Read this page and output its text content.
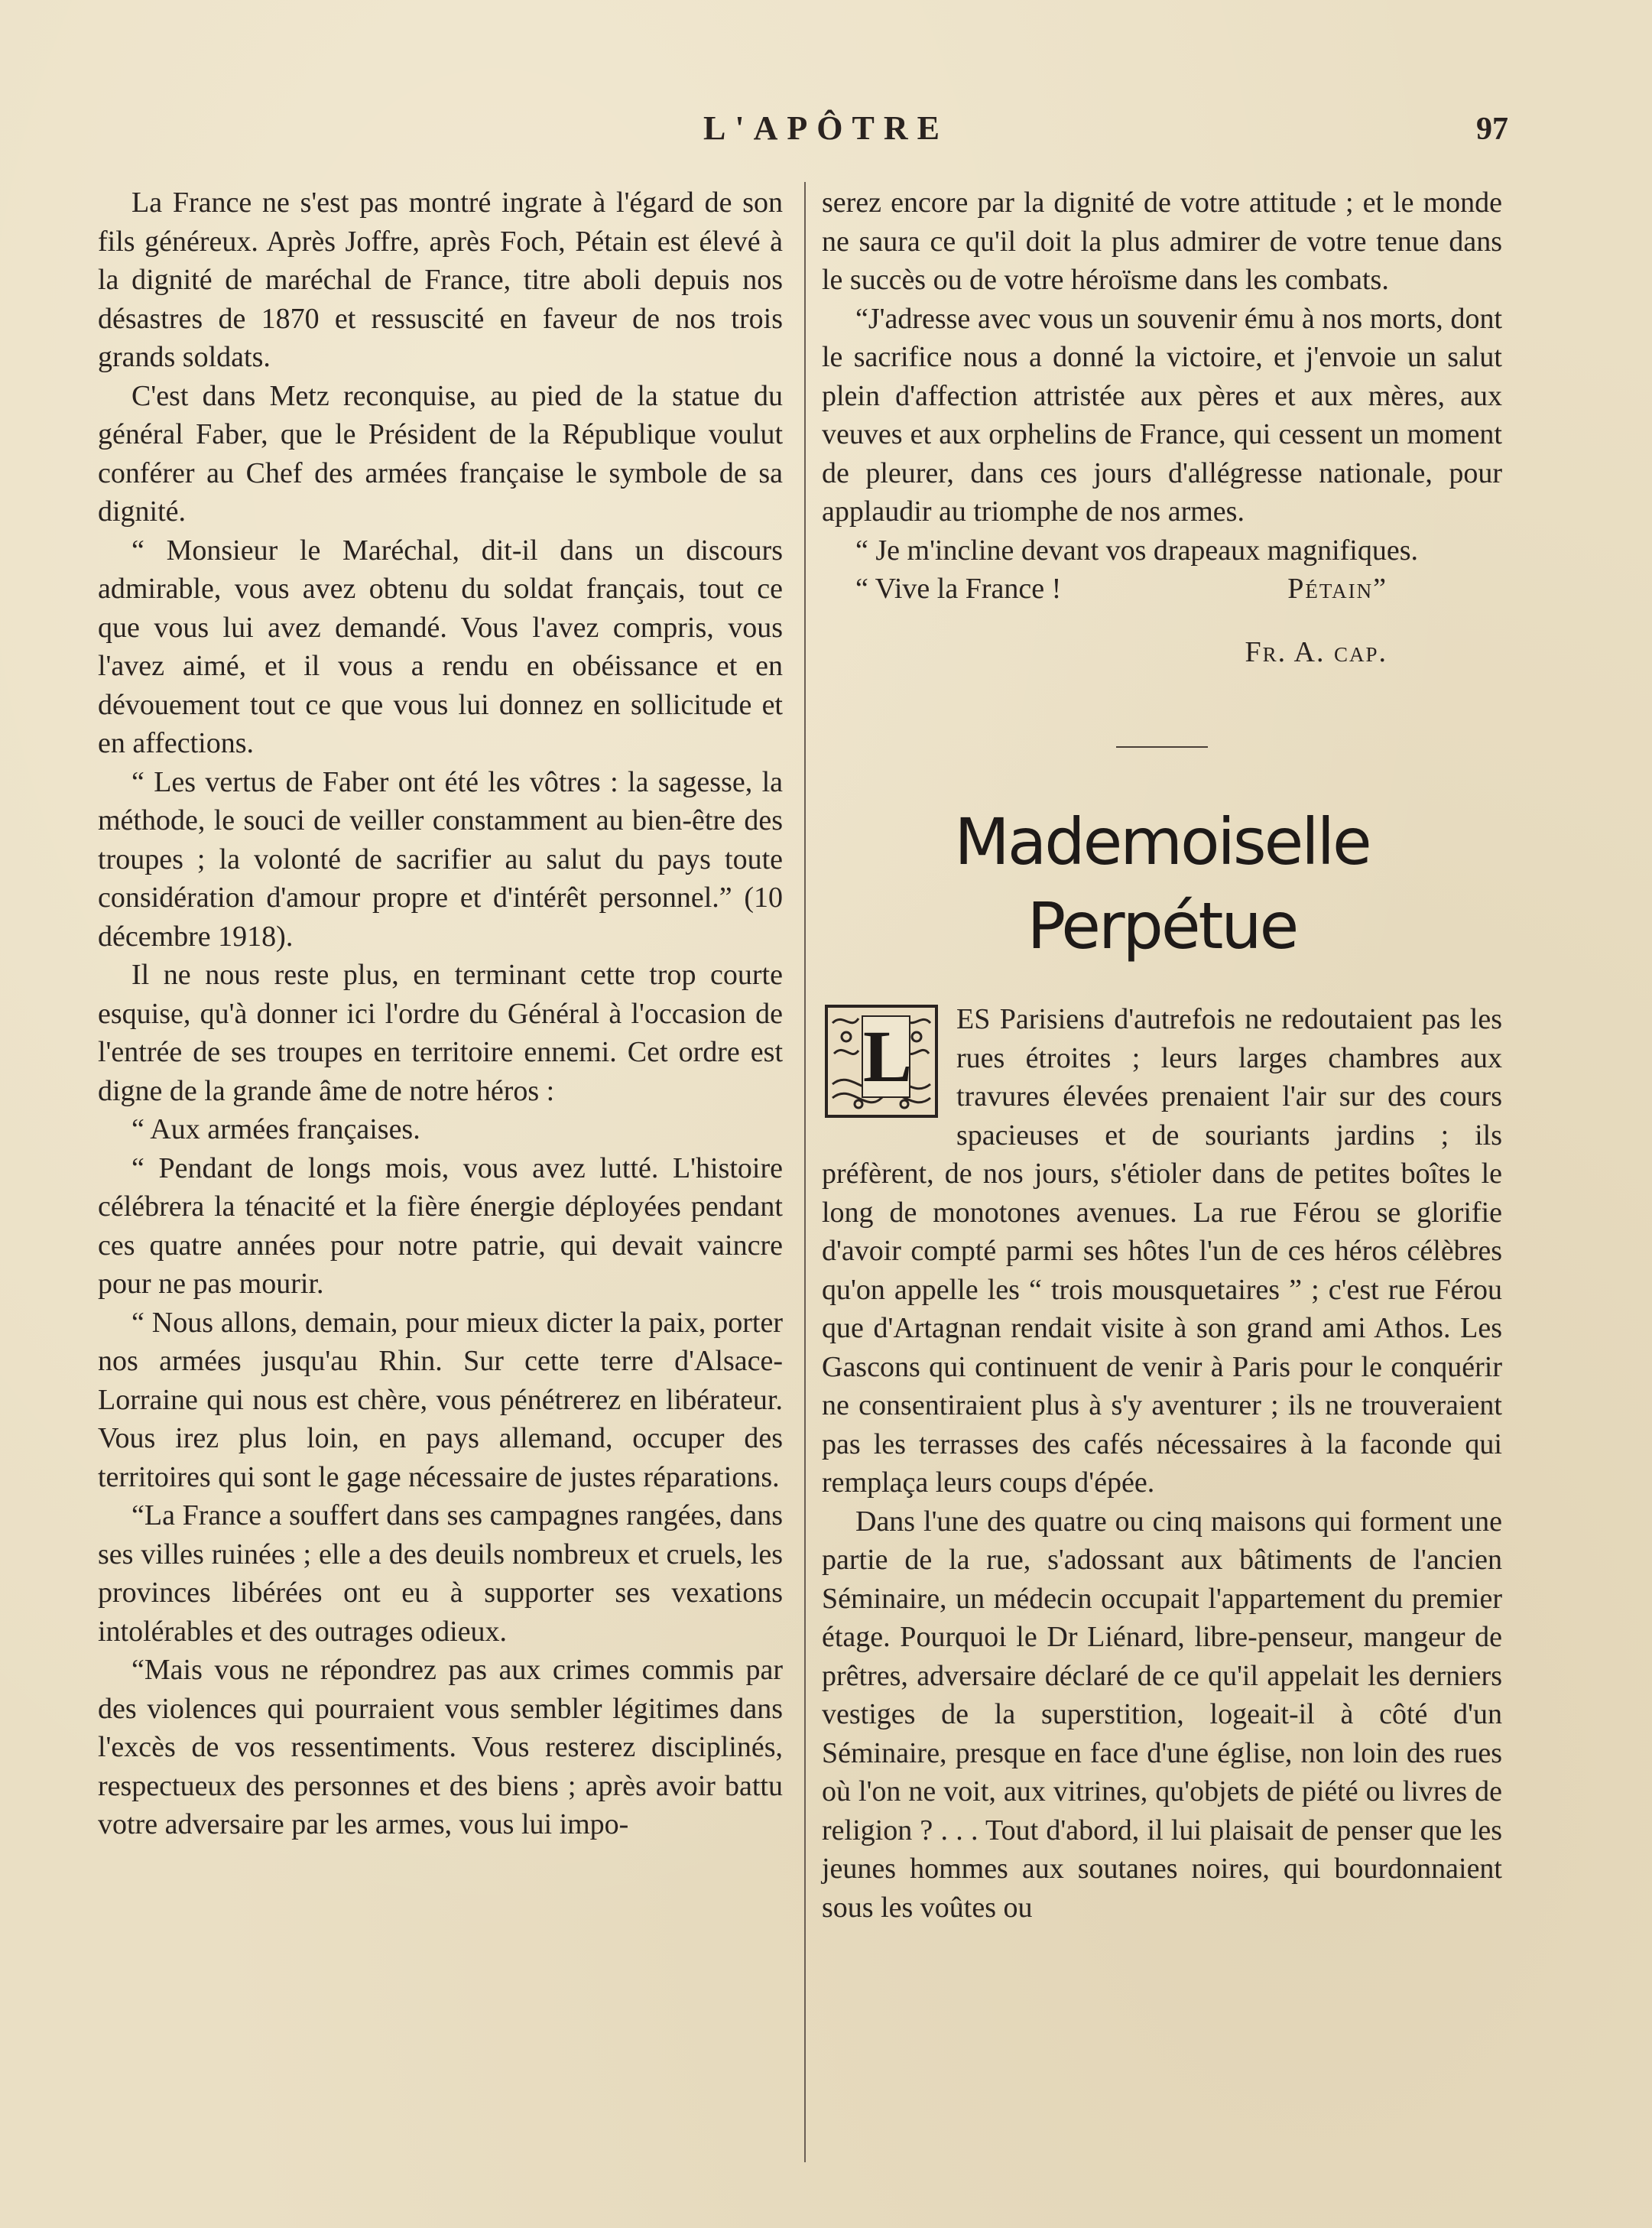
L'APÔTRE	97

La France ne s'est pas montré ingrate à l'égard de son fils généreux. Après Joffre, après Foch, Pétain est élevé à la dignité de maréchal de France, titre aboli depuis nos désastres de 1870 et ressuscité en faveur de nos trois grands soldats.

C'est dans Metz reconquise, au pied de la statue du général Faber, que le Président de la République voulut conférer au Chef des armées française le symbole de sa dignité.

“ Monsieur le Maréchal, dit-il dans un discours admirable, vous avez obtenu du soldat français, tout ce que vous lui avez demandé. Vous l'avez compris, vous l'avez aimé, et il vous a rendu en obéissance et en dévouement tout ce que vous lui donnez en sollicitude et en affections.

“ Les vertus de Faber ont été les vôtres : la sagesse, la méthode, le souci de veiller constamment au bien-être des troupes ; la volonté de sacrifier au salut du pays toute considération d'amour propre et d'intérêt personnel.” (10 décembre 1918).

Il ne nous reste plus, en terminant cette trop courte esquise, qu'à donner ici l'ordre du Général à l'occasion de l'entrée de ses troupes en territoire ennemi. Cet ordre est digne de la grande âme de notre héros :

“ Aux armées françaises.

“ Pendant de longs mois, vous avez lutté. L'histoire célébrera la ténacité et la fière énergie déployées pendant ces quatre années pour notre patrie, qui devait vaincre pour ne pas mourir.

“ Nous allons, demain, pour mieux dicter la paix, porter nos armées jusqu'au Rhin. Sur cette terre d'Alsace-Lorraine qui nous est chère, vous pénétrerez en libérateur. Vous irez plus loin, en pays allemand, occuper des territoires qui sont le gage nécessaire de justes réparations.

“La France a souffert dans ses campagnes rangées, dans ses villes ruinées ; elle a des deuils nombreux et cruels, les provinces libérées ont eu à supporter ses vexations intolérables et des outrages odieux.

“Mais vous ne répondrez pas aux crimes commis par des violences qui pourraient vous sembler légitimes dans l'excès de vos ressentiments. Vous resterez disciplinés, respectueux des personnes et des biens ; après avoir battu votre adversaire par les armes, vous lui impo-

serez encore par la dignité de votre attitude ; et le monde ne saura ce qu'il doit la plus admirer de votre tenue dans le succès ou de votre héroïsme dans les combats.

“J'adresse avec vous un souvenir ému à nos morts, dont le sacrifice nous a donné la victoire, et j'envoie un salut plein d'affection attristée aux pères et aux mères, aux veuves et aux orphelins de France, qui cessent un moment de pleurer, dans ces jours d'allégresse nationale, pour applaudir au triomphe de nos armes.

“ Je m'incline devant vos drapeaux magnifiques.

“ Vive la France !	Pétain”
Fr. A. cap.
Mademoiselle Perpétue
L	ES Parisiens d'autrefois ne redoutaient pas les rues étroites ; leurs larges chambres aux travures élevées prenaient l'air sur des cours spacieuses et de souriants jardins ; ils préfèrent, de nos jours, s'étioler dans de petites boîtes le long de monotones avenues. La rue Férou se glorifie d'avoir compté parmi ses hôtes l'un de ces héros célèbres qu'on appelle les “ trois mousquetaires ” ; c'est rue Férou que d'Artagnan rendait visite à son grand ami Athos. Les Gascons qui continuent de venir à Paris pour le conquérir ne consentiraient plus à s'y aventurer ; ils ne trouveraient pas les terrasses des cafés nécessaires à la faconde qui remplaça leurs coups d'épée.

Dans l'une des quatre ou cinq maisons qui forment une partie de la rue, s'adossant aux bâtiments de l'ancien Séminaire, un médecin occupait l'appartement du premier étage. Pourquoi le Dr Liénard, libre-penseur, mangeur de prêtres, adversaire déclaré de ce qu'il appelait les derniers vestiges de la superstition, logeait-il à côté d'un Séminaire, presque en face d'une église, non loin des rues où l'on ne voit, aux vitrines, qu'objets de piété ou livres de religion ? . . . Tout d'abord, il lui plaisait de penser que les jeunes hommes aux soutanes noires, qui bourdonnaient sous les voûtes ou
